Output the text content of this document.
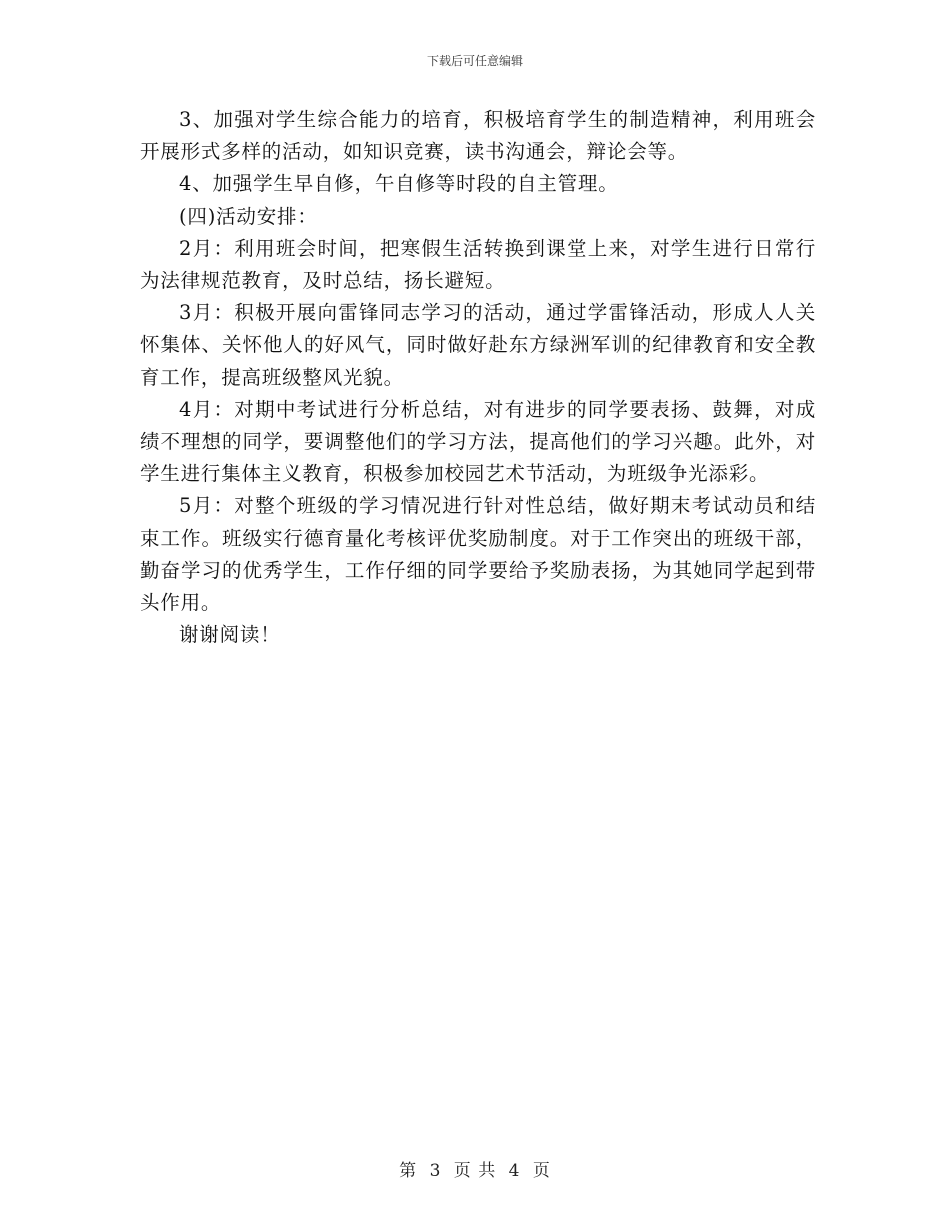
下载后可任意编辑

3、加强对学生综合能力的培育，积极培育学生的制造精神，利用班会开展形式多样的活动，如知识竞赛，读书沟通会，辩论会等。

4、加强学生早自修，午自修等时段的自主管理。

(四)活动安排：

2月：利用班会时间，把寒假生活转换到课堂上来，对学生进行日常行为法律规范教育，及时总结，扬长避短。

3月：积极开展向雷锋同志学习的活动，通过学雷锋活动，形成人人关怀集体、关怀他人的好风气，同时做好赴东方绿洲军训的纪律教育和安全教育工作，提高班级整风光貌。

4月：对期中考试进行分析总结，对有进步的同学要表扬、鼓舞，对成绩不理想的同学，要调整他们的学习方法，提高他们的学习兴趣。此外，对学生进行集体主义教育，积极参加校园艺术节活动，为班级争光添彩。

5月：对整个班级的学习情况进行针对性总结，做好期末考试动员和结束工作。班级实行德育量化考核评优奖励制度。对于工作突出的班级干部，勤奋学习的优秀学生，工作仔细的同学要给予奖励表扬，为其她同学起到带头作用。

谢谢阅读！

第 3 页 共 4 页
